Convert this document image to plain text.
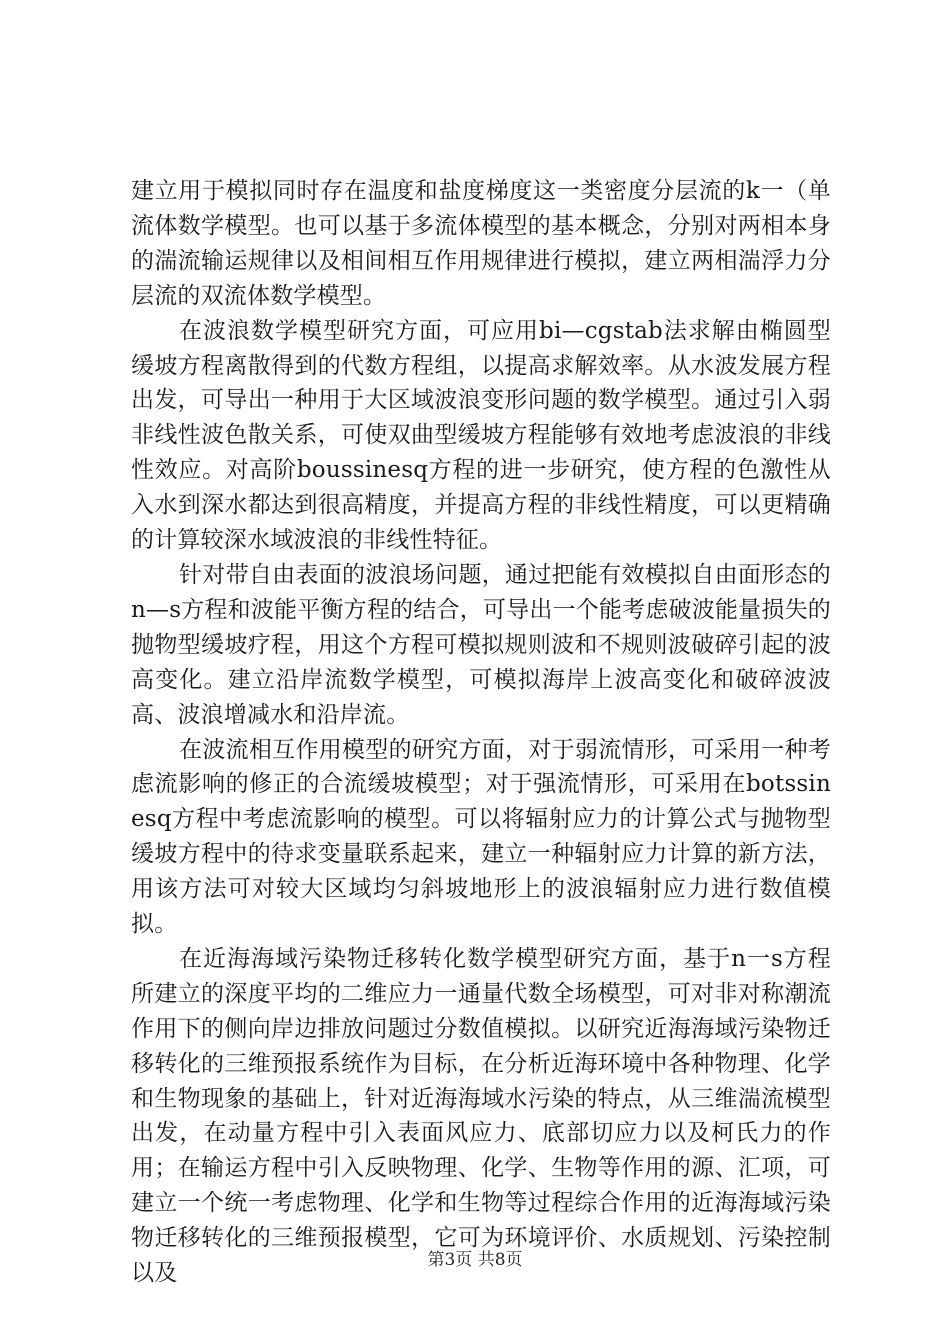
建立用于模拟同时存在温度和盐度梯度这一类密度分层流的k一（单流体数学模型。也可以基于多流体模型的基本概念，分别对两相本身的湍流输运规律以及相间相互作用规律进行模拟，建立两相湍浮力分层流的双流体数学模型。

在波浪数学模型研究方面，可应用bi—cgstab法求解由椭圆型缓坡方程离散得到的代数方程组，以提高求解效率。从水波发展方程出发，可导出一种用于大区域波浪变形问题的数学模型。通过引入弱非线性波色散关系，可使双曲型缓坡方程能够有效地考虑波浪的非线性效应。对高阶boussinesq方程的进一步研究，使方程的色激性从入水到深水都达到很高精度，并提高方程的非线性精度，可以更精确的计算较深水域波浪的非线性特征。

针对带自由表面的波浪场问题，通过把能有效模拟自由面形态的n—s方程和波能平衡方程的结合，可导出一个能考虑破波能量损失的抛物型缓坡疗程，用这个方程可模拟规则波和不规则波破碎引起的波高变化。建立沿岸流数学模型，可模拟海岸上波高变化和破碎波波高、波浪增减水和沿岸流。

在波流相互作用模型的研究方面，对于弱流情形，可采用一种考虑流影响的修正的合流缓坡模型；对于强流情形，可采用在botssinesq方程中考虑流影响的模型。可以将辐射应力的计算公式与抛物型缓坡方程中的待求变量联系起来，建立一种辐射应力计算的新方法，用该方法可对较大区域均匀斜坡地形上的波浪辐射应力进行数值模拟。

在近海海域污染物迁移转化数学模型研究方面，基于n一s方程所建立的深度平均的二维应力一通量代数全场模型，可对非对称潮流作用下的侧向岸边排放问题过分数值模拟。以研究近海海域污染物迁移转化的三维预报系统作为目标，在分析近海环境中各种物理、化学和生物现象的基础上，针对近海海域水污染的特点，从三维湍流模型出发，在动量方程中引入表面风应力、底部切应力以及柯氏力的作用；在输运方程中引入反映物理、化学、生物等作用的源、汇项，可建立一个统一考虑物理、化学和生物等过程综合作用的近海海域污染物迁移转化的三维预报模型，它可为环境评价、水质规划、污染控制以及

第3页 共8页
